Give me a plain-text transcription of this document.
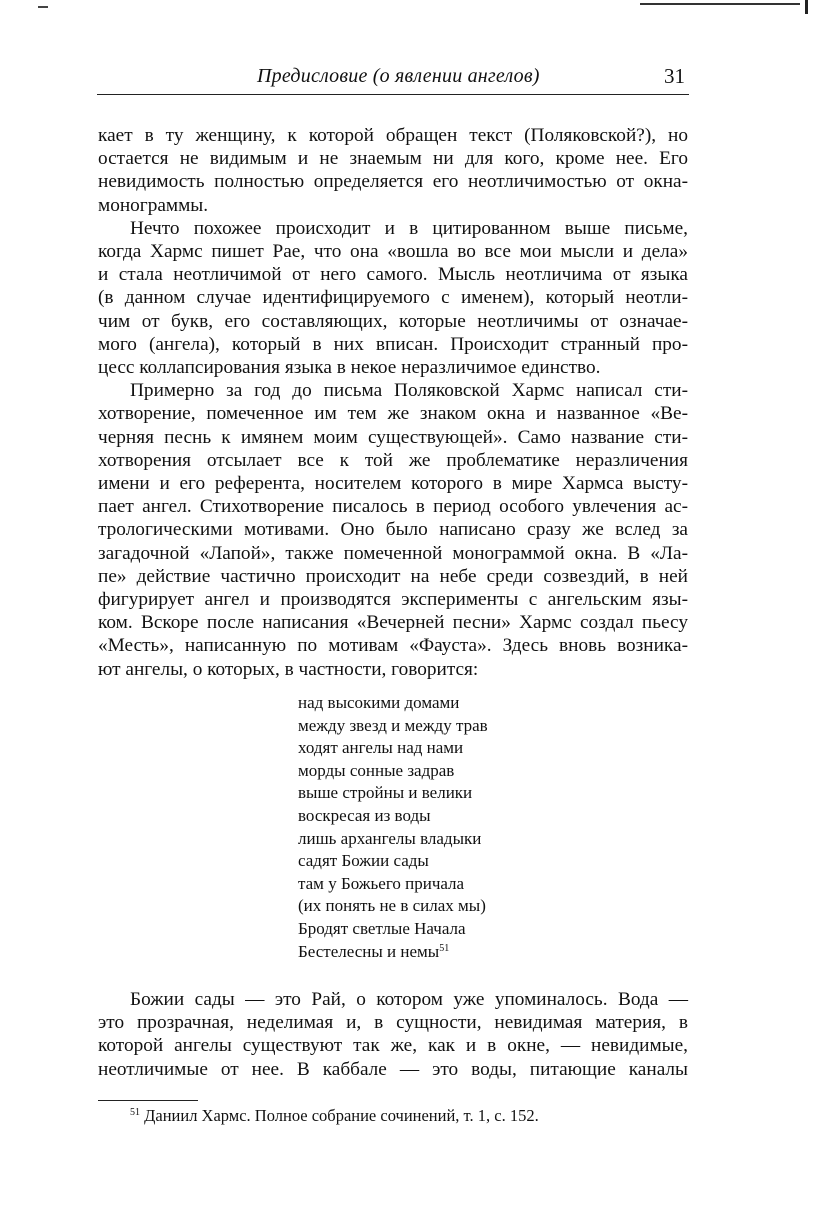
Предисловие (о явлении ангелов)	31

кает в ту женщину, к которой обращен текст (Поляковской?), но
остается не видимым и не знаемым ни для кого, кроме нее. Его
невидимость полностью определяется его неотличимостью от окна-
монограммы.

Нечто похожее происходит и в цитированном выше письме,
когда Хармс пишет Рае, что она «вошла во все мои мысли и дела»
и стала неотличимой от него самого. Мысль неотличима от языка
(в данном случае идентифицируемого с именем), который неотли-
чим от букв, его составляющих, которые неотличимы от означае-
мого (ангела), который в них вписан. Происходит странный про-
цесс коллапсирования языка в некое неразличимое единство.

Примерно за год до письма Поляковской Хармс написал сти-
хотворение, помеченное им тем же знаком окна и названное «Ве-
черняя песнь к имянем моим существующей». Само название сти-
хотворения отсылает все к той же проблематике неразличения
имени и его референта, носителем которого в мире Хармса высту-
пает ангел. Стихотворение писалось в период особого увлечения ас-
трологическими мотивами. Оно было написано сразу же вслед за
загадочной «Лапой», также помеченной монограммой окна. В «Ла-
пе» действие частично происходит на небе среди созвездий, в ней
фигурирует ангел и производятся эксперименты с ангельским язы-
ком. Вскоре после написания «Вечерней песни» Хармс создал пьесу
«Месть», написанную по мотивам «Фауста». Здесь вновь возника-
ют ангелы, о которых, в частности, говорится:

над высокими домами
между звезд и между трав
ходят ангелы над нами
морды сонные задрав
выше стройны и велики
воскресая из воды
лишь архангелы владыки
садят Божии сады
там у Божьего причала
(их понять не в силах мы)
Бродят светлые Начала
Бестелесны и немы$^{51}$
Божии сады — это Рай, о котором уже упоминалось. Вода —
это прозрачная, неделимая и, в сущности, невидимая материя, в
которой ангелы существуют так же, как и в окне, — невидимые,
неотличимые от нее. В каббале — это воды, питающие каналы
$^{51}$ Даниил Хармс. Полное собрание сочинений, т. 1, с. 152.
